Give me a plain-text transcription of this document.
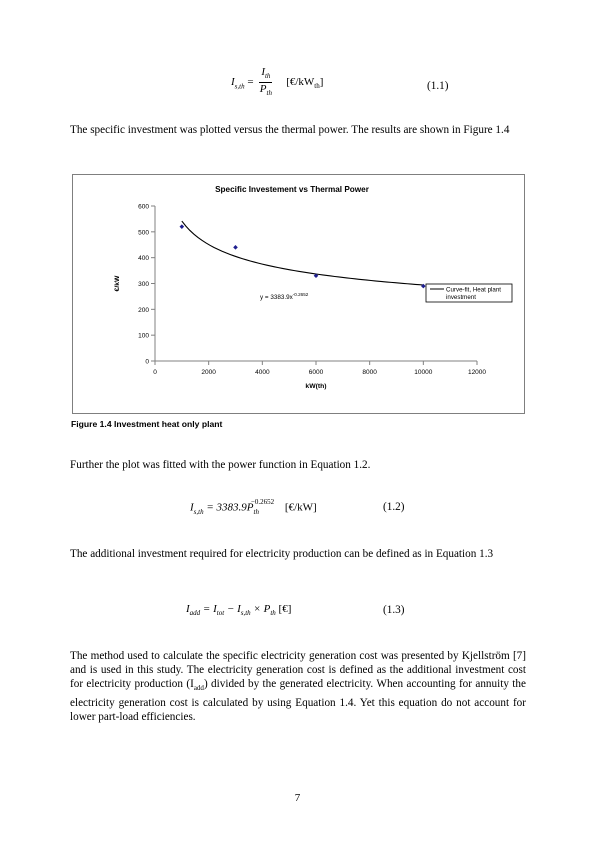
$I_{s,th} = \frac{I_{th}}{P_{th}}$ $[€/kW_{th}]$	(1.1)
The specific investment was plotted versus the thermal power. The results are shown in Figure 1.4
Specific Investement vs Thermal Power
0
100
200
300
400
500
600
0	2000	4000	6000	8000	10000	12000
kW(th)
€/kW
$y = 3383.9x^{-0.2652}$
Curve-fit, Heat plant
investment
Figure 1.4 Investment heat only plant
Further the plot was fitted with the power function in Equation 1.2.
$I_{s,th} = 3383.9P_{th}^{-0.2652}$ [€/kW]	(1.2)
The additional investment required for electricity production can be defined as in Equation 1.3
$I_{add} = I_{tot} - I_{s,th} \times P_{th}$ [€]	(1.3)
The method used to calculate the specific electricity generation cost was presented by Kjellström [7] and is used in this study. The electricity generation cost is defined as the additional investment cost for electricity production $(I_{add})$ divided by the generated electricity. When accounting for annuity the electricity generation cost is calculated by using Equation 1.4. Yet this equation do not account for lower part-load efficiencies.
7
